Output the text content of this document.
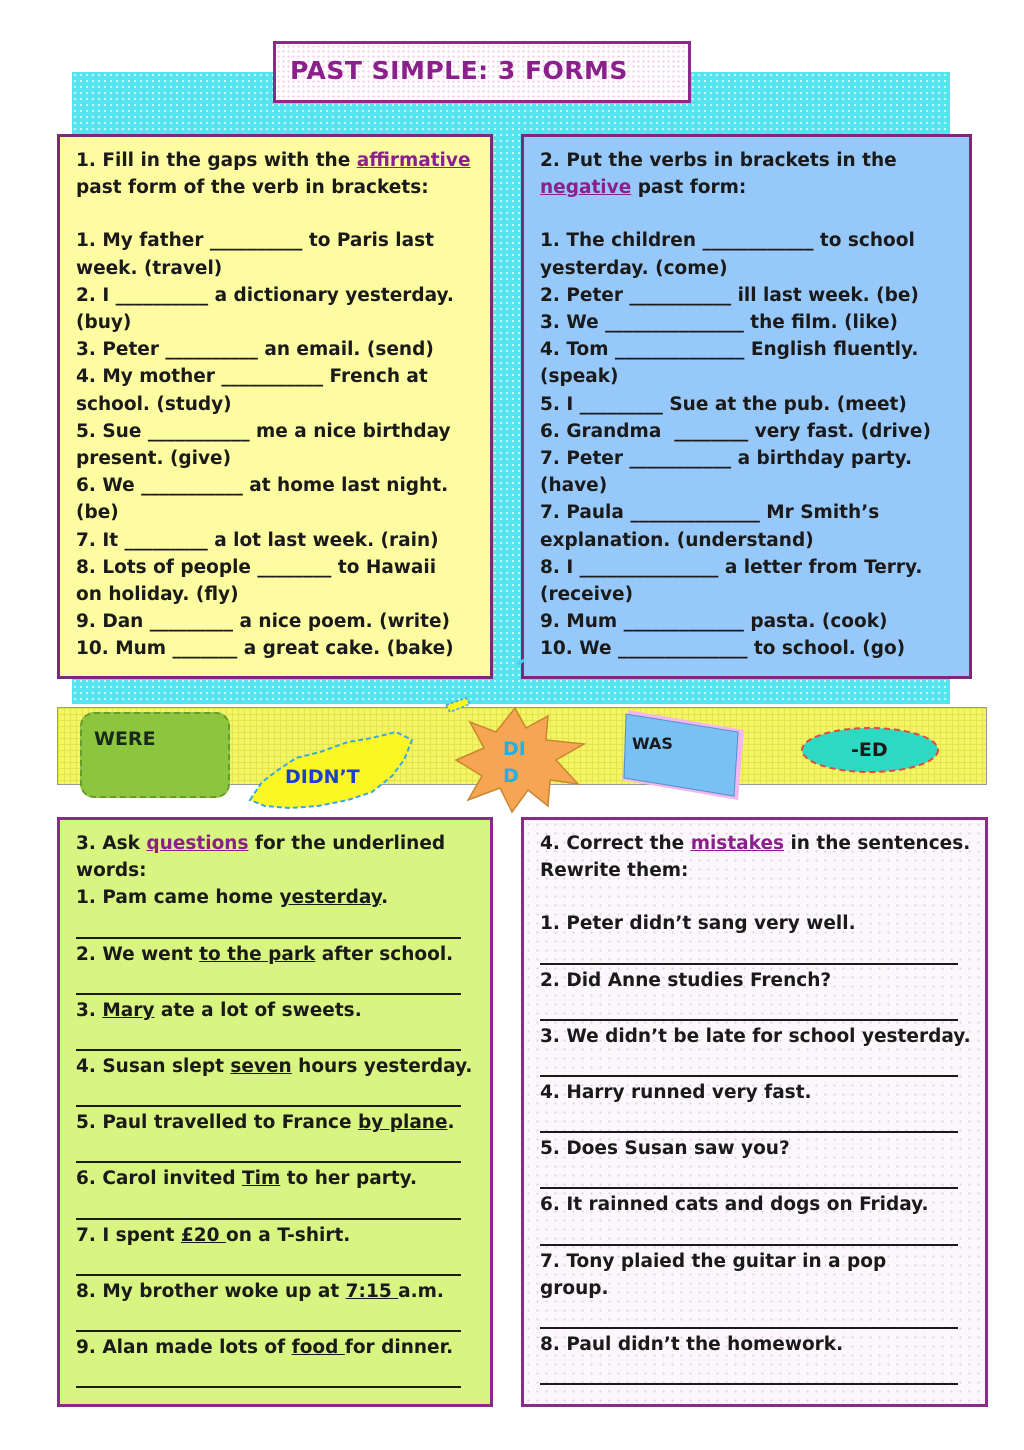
PAST SIMPLE: 3 FORMS
1. Fill in the gaps with the affirmative
past form of the verb in brackets:
1. My father __________ to Paris last
week. (travel)
2. I __________ a dictionary yesterday.
(buy)
3. Peter __________ an email. (send)
4. My mother ___________ French at
school. (study)
5. Sue ___________ me a nice birthday
present. (give)
6. We ___________ at home last night.
(be)
7. It _________ a lot last week. (rain)
8. Lots of people ________ to Hawaii
on holiday. (fly)
9. Dan _________ a nice poem. (write)
10. Mum _______ a great cake. (bake)
2. Put the verbs in brackets in the
negative past form:
1. The children ____________ to school
yesterday. (come)
2. Peter ___________ ill last week. (be)
3. We _______________ the film. (like)
4. Tom ______________ English fluently.
(speak)
5. I _________ Sue at the pub. (meet)
6. Grandma  ________ very fast. (drive)
7. Peter ___________ a birthday party.
(have)
7. Paula ______________ Mr Smith’s
explanation. (understand)
8. I _______________ a letter from Terry.
(receive)
9. Mum _____________ pasta. (cook)
10. We ______________ to school. (go)
WERE
DIDN’T
DI
D
WAS	-ED
3. Ask questions for the underlined
words:
1. Pam came home yesterday.
2. We went to the park after school.
3. Mary ate a lot of sweets.
4. Susan slept seven hours yesterday.
5. Paul travelled to France by plane.
6. Carol invited Tim to her party.
7. I spent £20 on a T-shirt.
8. My brother woke up at 7:15 a.m.
9. Alan made lots of food for dinner.
4. Correct the mistakes in the sentences.
Rewrite them:
1. Peter didn’t sang very well.
2. Did Anne studies French?
3. We didn’t be late for school yesterday.
4. Harry runned very fast.
5. Does Susan saw you?
6. It rainned cats and dogs on Friday.
7. Tony plaied the guitar in a pop
group.
8. Paul didn’t the homework.
